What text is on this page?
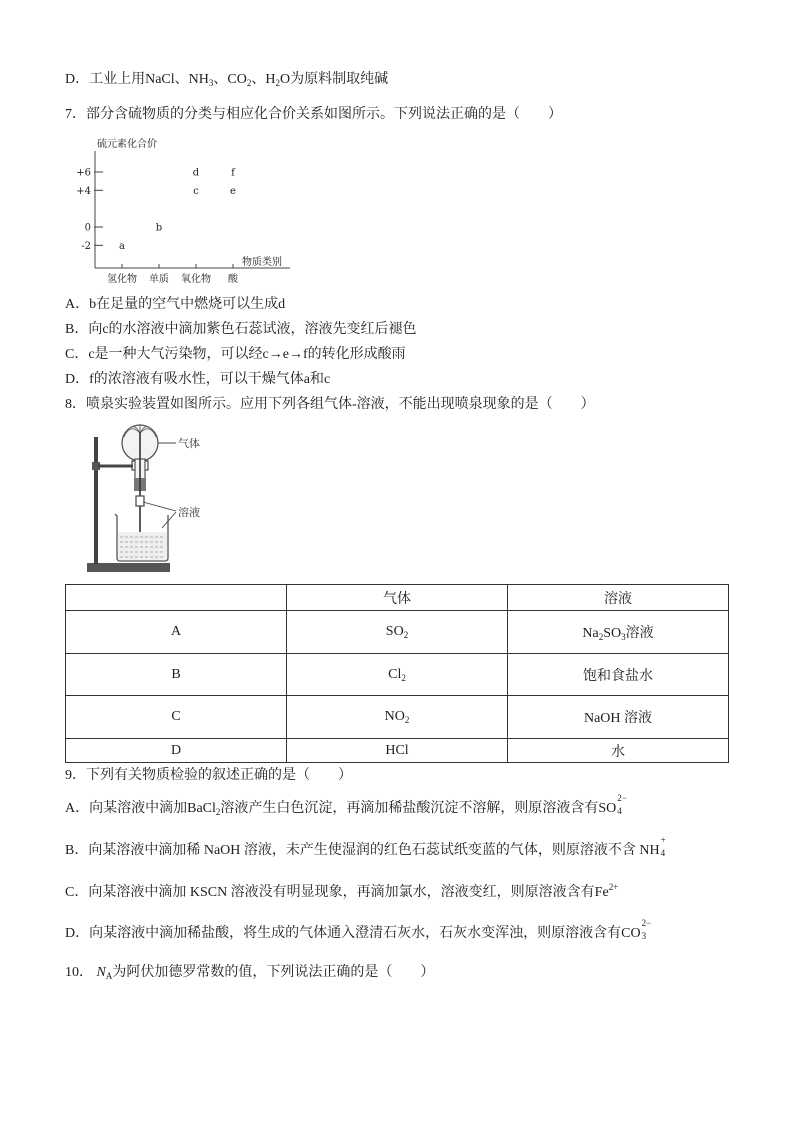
D．工业上用NaCl、$NH_3$、$CO_2$、$H_2O$为原料制取纯碱
7．部分含硫物质的分类与相应化合价关系如图所示。下列说法正确的是（　　）
硫元素化合价
物质类别
+6
+4
0
-2
氢化物 单质 氧化物 酸
a
b
c
d
e
f
A．b在足量的空气中燃烧可以生成d
B．向c的水溶液中滴加紫色石蕊试液，溶液先变红后褪色
C．c是一种大气污染物，可以经c→e→f的转化形成酸雨
D．f的浓溶液有吸水性，可以干燥气体a和c
8．喷泉实验装置如图所示。应用下列各组气体-溶液，不能出现喷泉现象的是（　　）
气体
溶液
	气体	溶液
A	$SO_2$	$Na_2SO_3$溶液
B	$Cl_2$	饱和食盐水
C	$NO_2$	NaOH 溶液
D	HCl	水
9．下列有关物质检验的叙述正确的是（　　）
A．向某溶液中滴加BaCl$_2$溶液产生白色沉淀，再滴加稀盐酸沉淀不溶解，则原溶液含有SO
2−
4
B．向某溶液中滴加稀 NaOH 溶液，未产生使湿润的红色石蕊试纸变蓝的气体，则原溶液不含 NH
+
4
C．向某溶液中滴加 KSCN 溶液没有明显现象，再滴加氯水，溶液变红，则原溶液含有$Fe^{2+}$
D．向某溶液中滴加稀盐酸，将生成的气体通入澄清石灰水，石灰水变浑浊，则原溶液含有CO
2−
3
10． $N_A$为阿伏加德罗常数的值，下列说法正确的是（　　）
